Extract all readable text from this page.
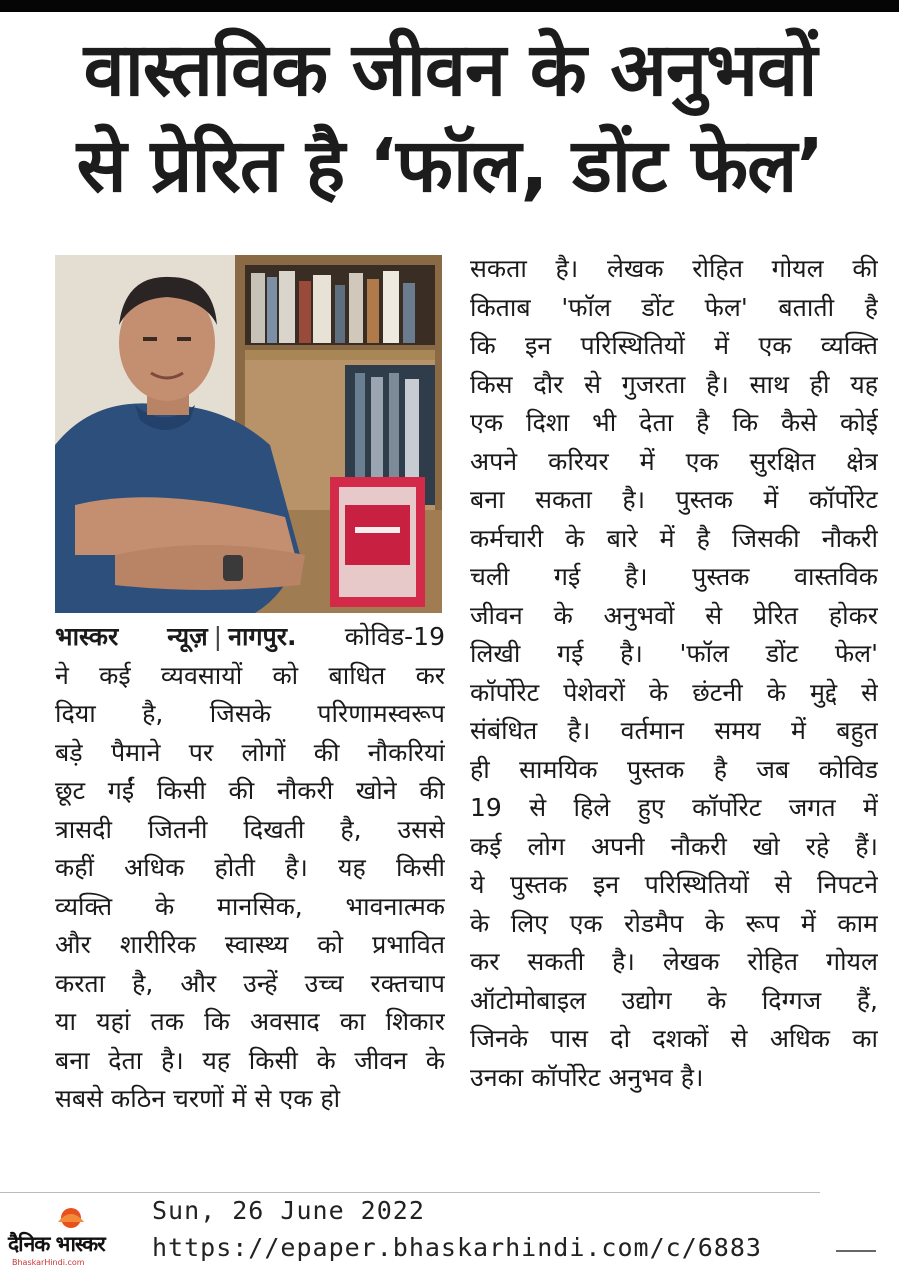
वास्तविक जीवन के अनुभवों
से प्रेरित है ‘फॉल, डोंट फेल’
भास्कर न्यूज़ | नागपुर. कोविड-19
ने कई व्यवसायों को बाधित कर
दिया है, जिसके परिणामस्वरूप
बड़े पैमाने पर लोगों की नौकरियां
छूट गईं किसी की नौकरी खोने की
त्रासदी जितनी दिखती है, उससे
कहीं अधिक होती है। यह किसी
व्यक्ति के मानसिक, भावनात्मक
और शारीरिक स्वास्थ्य को प्रभावित
करता है, और उन्हें उच्च रक्तचाप
या यहां तक कि अवसाद का शिकार
बना देता है। यह किसी के जीवन के
सबसे कठिन चरणों में से एक हो
सकता है। लेखक रोहित गोयल की
किताब 'फॉल डोंट फेल' बताती है
कि इन परिस्थितियों में एक व्यक्ति
किस दौर से गुजरता है। साथ ही यह
एक दिशा भी देता है कि कैसे कोई
अपने करियर में एक सुरक्षित क्षेत्र
बना सकता है। पुस्तक में कॉर्पोरेट
कर्मचारी के बारे में है जिसकी नौकरी
चली गई है। पुस्तक वास्तविक
जीवन के अनुभवों से प्रेरित होकर
लिखी गई है। 'फॉल डोंट फेल'
कॉर्पोरेट पेशेवरों के छंटनी के मुद्दे से
संबंधित है। वर्तमान समय में बहुत
ही सामयिक पुस्तक है जब कोविड
19 से हिले हुए कॉर्पोरेट जगत में
कई लोग अपनी नौकरी खो रहे हैं।
ये पुस्तक इन परिस्थितियों से निपटने
के लिए एक रोडमैप के रूप में काम
कर सकती है। लेखक रोहित गोयल
ऑटोमोबाइल उद्योग के दिग्गज हैं,
जिनके पास दो दशकों से अधिक का
उनका कॉर्पोरेट अनुभव है।
दैनिक भास्कर
BhaskarHindi.com
Sun, 26 June 2022
https://epaper.bhaskarhindi.com/c/6883
